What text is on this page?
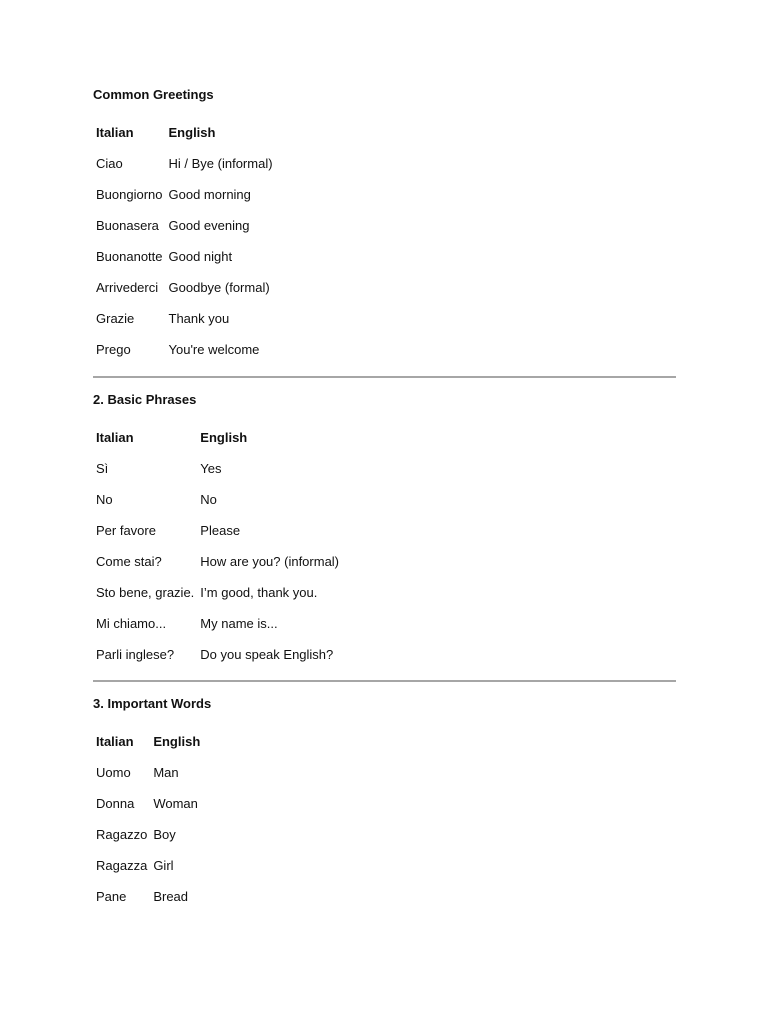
Common Greetings
Italian	English
Ciao	Hi / Bye (informal)
Buongiorno	Good morning
Buonasera	Good evening
Buonanotte	Good night
Arrivederci	Goodbye (formal)
Grazie	Thank you
Prego	You're welcome
2. Basic Phrases
Italian	English
Sì	Yes
No	No
Per favore	Please
Come stai?	How are you? (informal)
Sto bene, grazie.	I’m good, thank you.
Mi chiamo...	My name is...
Parli inglese?	Do you speak English?
3. Important Words
Italian	English
Uomo	Man
Donna	Woman
Ragazzo	Boy
Ragazza	Girl
Pane	Bread
